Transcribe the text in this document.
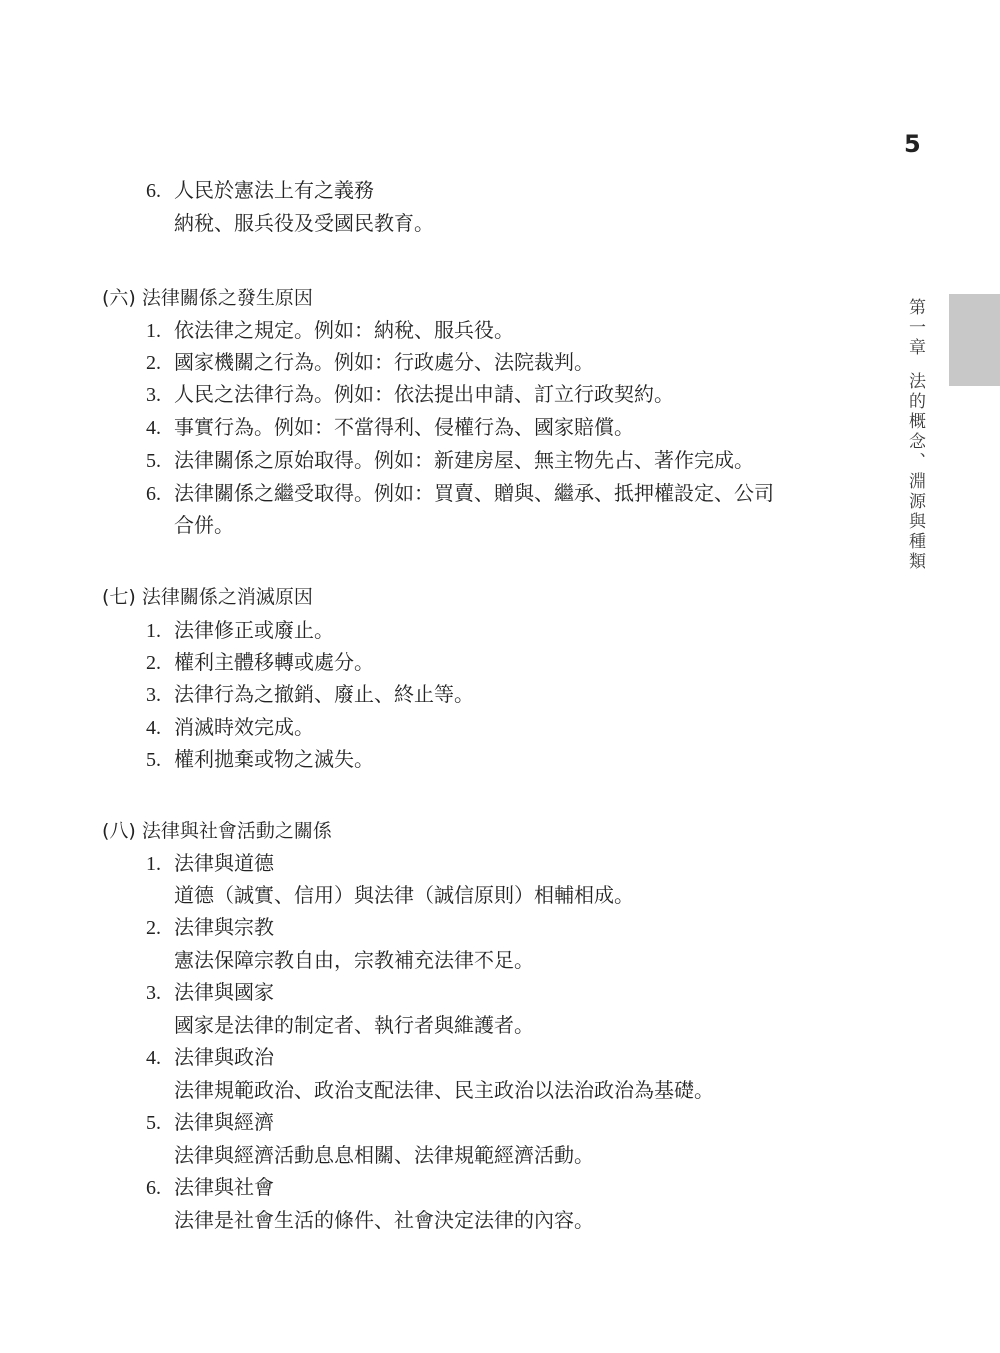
5
第一章法的概念、淵源與種類
6. 人民於憲法上有之義務
納稅、服兵役及受國民教育。
(六) 法律關係之發生原因
1. 依法律之規定。例如：納稅、服兵役。
2. 國家機關之行為。例如：行政處分、法院裁判。
3. 人民之法律行為。例如：依法提出申請、訂立行政契約。
4. 事實行為。例如：不當得利、侵權行為、國家賠償。
5. 法律關係之原始取得。例如：新建房屋、無主物先占、著作完成。
6. 法律關係之繼受取得。例如：買賣、贈與、繼承、抵押權設定、公司
合併。
(七) 法律關係之消滅原因
1. 法律修正或廢止。
2. 權利主體移轉或處分。
3. 法律行為之撤銷、廢止、終止等。
4. 消滅時效完成。
5. 權利拋棄或物之滅失。
(八) 法律與社會活動之關係
1. 法律與道德
道德（誠實、信用）與法律（誠信原則）相輔相成。
2. 法律與宗教
憲法保障宗教自由，宗教補充法律不足。
3. 法律與國家
國家是法律的制定者、執行者與維護者。
4. 法律與政治
法律規範政治、政治支配法律、民主政治以法治政治為基礎。
5. 法律與經濟
法律與經濟活動息息相關、法律規範經濟活動。
6. 法律與社會
法律是社會生活的條件、社會決定法律的內容。
